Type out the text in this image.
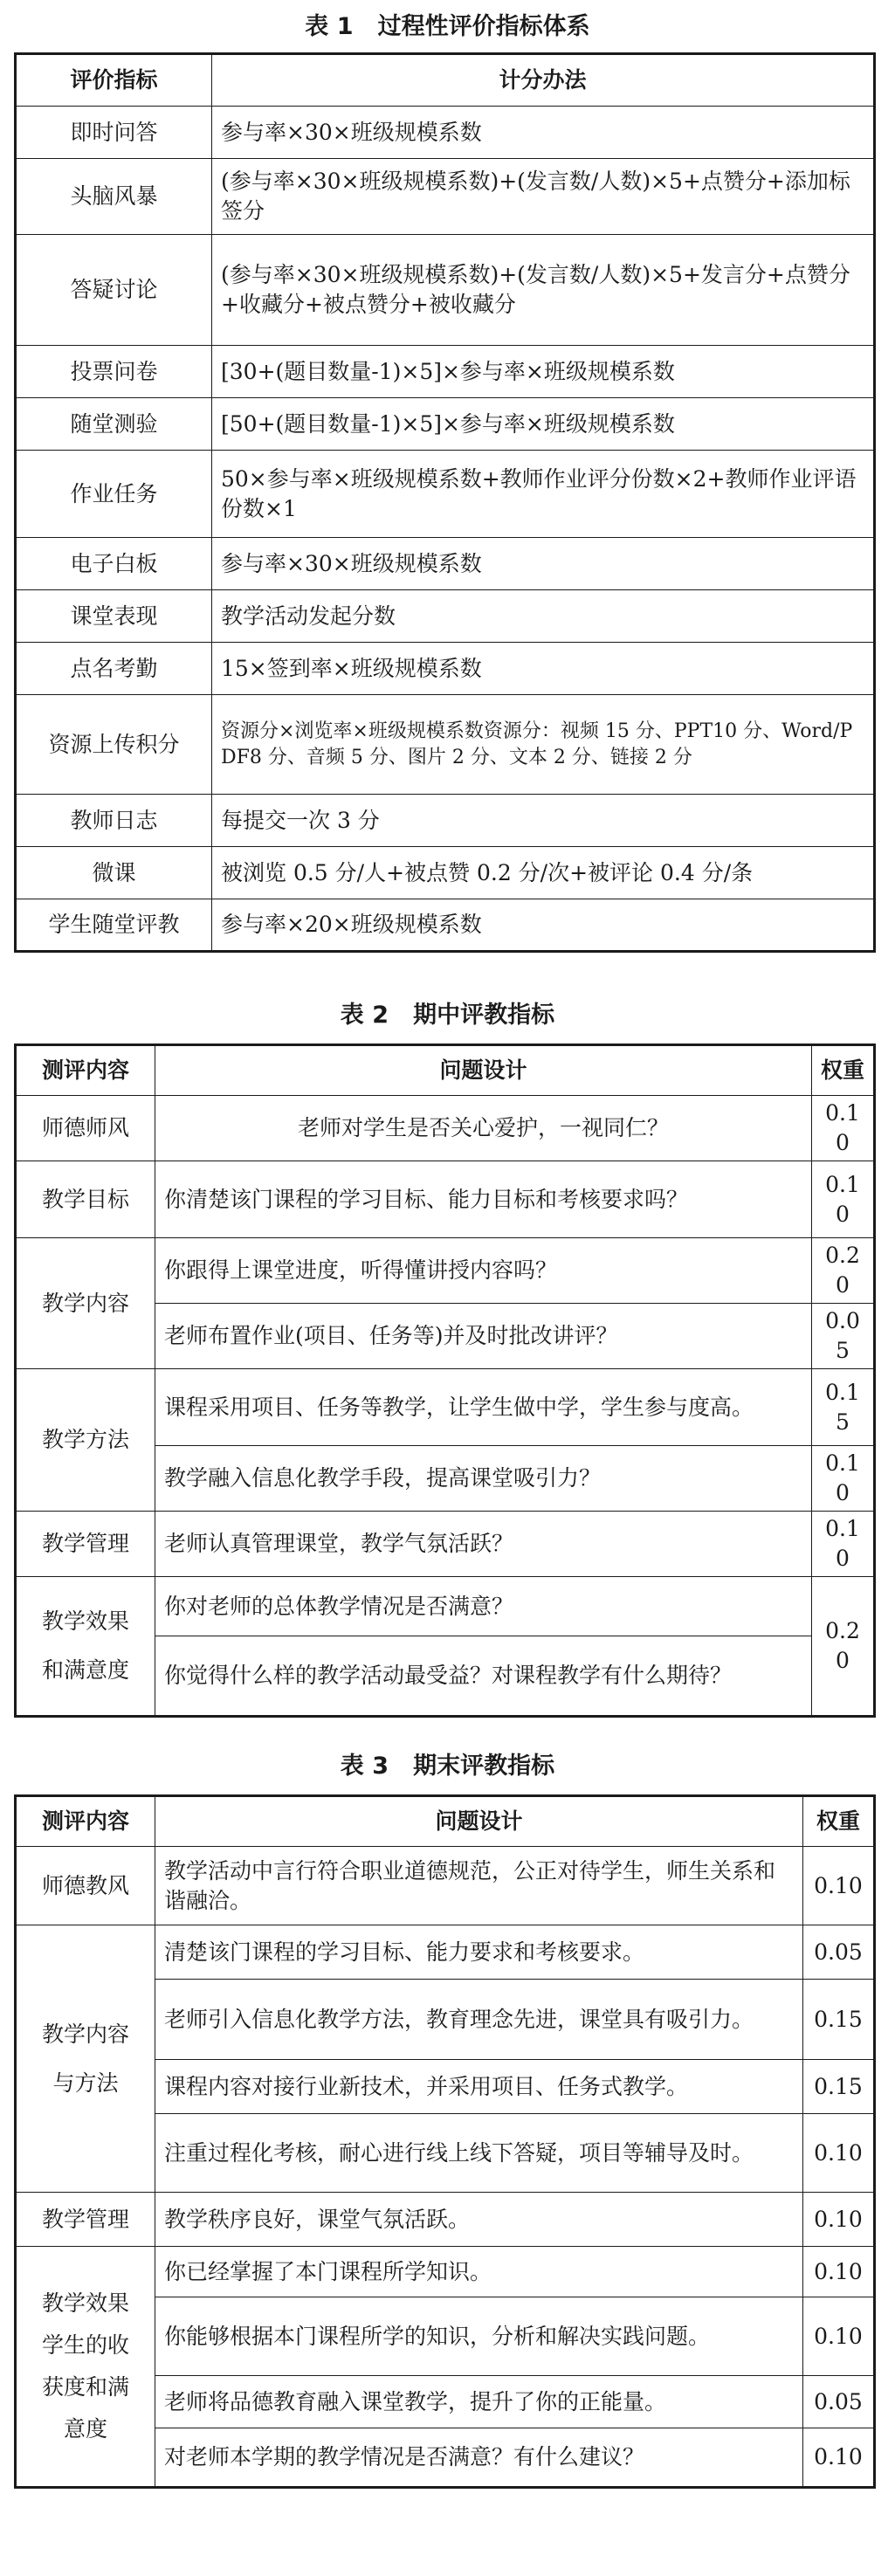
表 1   过程性评价指标体系
评价指标	计分办法
即时问答	参与率×30×班级规模系数
头脑风暴	(参与率×30×班级规模系数)+(发言数/人数)×5+点赞分+添加标签分
答疑讨论	(参与率×30×班级规模系数)+(发言数/人数)×5+发言分+点赞分+收藏分+被点赞分+被收藏分
投票问卷	[30+(题目数量-1)×5]×参与率×班级规模系数
随堂测验	[50+(题目数量-1)×5]×参与率×班级规模系数
作业任务	50×参与率×班级规模系数+教师作业评分份数×2+教师作业评语份数×1
电子白板	参与率×30×班级规模系数
课堂表现	教学活动发起分数
点名考勤	15×签到率×班级规模系数
资源上传积分	资源分×浏览率×班级规模系数资源分：视频 15 分、PPT10 分、Word/PDF8 分、音频 5 分、图片 2 分、文本 2 分、链接 2 分
教师日志	每提交一次 3 分
微课	被浏览 0.5 分/人+被点赞 0.2 分/次+被评论 0.4 分/条
学生随堂评教	参与率×20×班级规模系数
表 2   期中评教指标
测评内容	问题设计	权重
师德师风	老师对学生是否关心爱护，一视同仁？	0.10
教学目标	你清楚该门课程的学习目标、能力目标和考核要求吗？	0.10
教学内容	你跟得上课堂进度，听得懂讲授内容吗？	0.20
	老师布置作业(项目、任务等)并及时批改讲评？	0.05
教学方法	课程采用项目、任务等教学，让学生做中学，学生参与度高。	0.15
	教学融入信息化教学手段，提高课堂吸引力？	0.10
教学管理	老师认真管理课堂，教学气氛活跃？	0.10

教学效果
和满意度	你对老师的总体教学情况是否满意？	0.20
	你觉得什么样的教学活动最受益？对课程教学有什么期待？	
表 3   期末评教指标
测评内容	问题设计	权重
师德教风	教学活动中言行符合职业道德规范，公正对待学生，师生关系和谐融洽。	0.10

教学内容
与方法	清楚该门课程的学习目标、能力要求和考核要求。	0.05
	老师引入信息化教学方法，教育理念先进，课堂具有吸引力。	0.15
	课程内容对接行业新技术，并采用项目、任务式教学。	0.15
	注重过程化考核，耐心进行线上线下答疑，项目等辅导及时。	0.10
教学管理	教学秩序良好，课堂气氛活跃。	0.10

教学效果
学生的收
获度和满
意度	你已经掌握了本门课程所学知识。	0.10
	你能够根据本门课程所学的知识，分析和解决实践问题。	0.10
	老师将品德教育融入课堂教学，提升了你的正能量。	0.05
	对老师本学期的教学情况是否满意？有什么建议？	0.10
